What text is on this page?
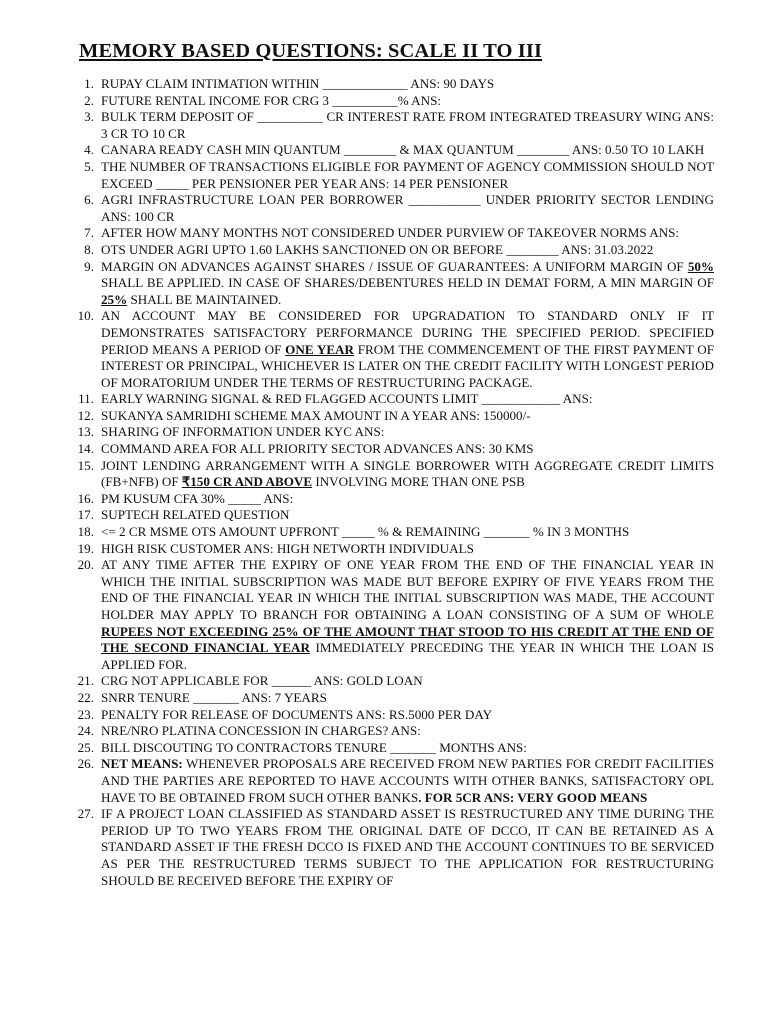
MEMORY BASED QUESTIONS: SCALE II TO III
1. RUPAY CLAIM INTIMATION WITHIN _____________ ANS: 90 DAYS
2. FUTURE RENTAL INCOME FOR CRG 3 __________% ANS:
3. BULK TERM DEPOSIT OF __________ CR INTEREST RATE FROM INTEGRATED TREASURY WING ANS: 3 CR TO 10 CR
4. CANARA READY CASH MIN QUANTUM ________ & MAX QUANTUM ________ ANS: 0.50 TO 10 LAKH
5. THE NUMBER OF TRANSACTIONS ELIGIBLE FOR PAYMENT OF AGENCY COMMISSION SHOULD NOT EXCEED _____ PER PENSIONER PER YEAR ANS: 14 PER PENSIONER
6. AGRI INFRASTRUCTURE LOAN PER BORROWER ___________ UNDER PRIORITY SECTOR LENDING ANS: 100 CR
7. AFTER HOW MANY MONTHS NOT CONSIDERED UNDER PURVIEW OF TAKEOVER NORMS ANS:
8. OTS UNDER AGRI UPTO 1.60 LAKHS SANCTIONED ON OR BEFORE ________ ANS: 31.03.2022
9. MARGIN ON ADVANCES AGAINST SHARES / ISSUE OF GUARANTEES: A UNIFORM MARGIN OF 50% SHALL BE APPLIED. IN CASE OF SHARES/DEBENTURES HELD IN DEMAT FORM, A MIN MARGIN OF 25% SHALL BE MAINTAINED.
10. AN ACCOUNT MAY BE CONSIDERED FOR UPGRADATION TO STANDARD ONLY IF IT DEMONSTRATES SATISFACTORY PERFORMANCE DURING THE SPECIFIED PERIOD. SPECIFIED PERIOD MEANS A PERIOD OF ONE YEAR FROM THE COMMENCEMENT OF THE FIRST PAYMENT OF INTEREST OR PRINCIPAL, WHICHEVER IS LATER ON THE CREDIT FACILITY WITH LONGEST PERIOD OF MORATORIUM UNDER THE TERMS OF RESTRUCTURING PACKAGE.
11. EARLY WARNING SIGNAL & RED FLAGGED ACCOUNTS LIMIT ____________ ANS:
12. SUKANYA SAMRIDHI SCHEME MAX AMOUNT IN A YEAR ANS: 150000/-
13. SHARING OF INFORMATION UNDER KYC ANS:
14. COMMAND AREA FOR ALL PRIORITY SECTOR ADVANCES ANS: 30 KMS
15. JOINT LENDING ARRANGEMENT WITH A SINGLE BORROWER WITH AGGREGATE CREDIT LIMITS (FB+NFB) OF ₹150 CR AND ABOVE INVOLVING MORE THAN ONE PSB
16. PM KUSUM CFA 30% _____ ANS:
17. SUPTECH RELATED QUESTION
18. <= 2 CR MSME OTS AMOUNT UPFRONT _____ % & REMAINING _______ % IN 3 MONTHS
19. HIGH RISK CUSTOMER ANS: HIGH NETWORTH INDIVIDUALS
20. AT ANY TIME AFTER THE EXPIRY OF ONE YEAR FROM THE END OF THE FINANCIAL YEAR IN WHICH THE INITIAL SUBSCRIPTION WAS MADE BUT BEFORE EXPIRY OF FIVE YEARS FROM THE END OF THE FINANCIAL YEAR IN WHICH THE INITIAL SUBSCRIPTION WAS MADE, THE ACCOUNT HOLDER MAY APPLY TO BRANCH FOR OBTAINING A LOAN CONSISTING OF A SUM OF WHOLE RUPEES NOT EXCEEDING 25% OF THE AMOUNT THAT STOOD TO HIS CREDIT AT THE END OF THE SECOND FINANCIAL YEAR IMMEDIATELY PRECEDING THE YEAR IN WHICH THE LOAN IS APPLIED FOR.
21. CRG NOT APPLICABLE FOR ______ ANS: GOLD LOAN
22. SNRR TENURE _______ ANS: 7 YEARS
23. PENALTY FOR RELEASE OF DOCUMENTS ANS: RS.5000 PER DAY
24. NRE/NRO PLATINA CONCESSION IN CHARGES? ANS:
25. BILL DISCOUTING TO CONTRACTORS TENURE _______ MONTHS ANS:
26. NET MEANS: WHENEVER PROPOSALS ARE RECEIVED FROM NEW PARTIES FOR CREDIT FACILITIES AND THE PARTIES ARE REPORTED TO HAVE ACCOUNTS WITH OTHER BANKS, SATISFACTORY OPL HAVE TO BE OBTAINED FROM SUCH OTHER BANKS. FOR 5CR ANS: VERY GOOD MEANS
27. IF A PROJECT LOAN CLASSIFIED AS STANDARD ASSET IS RESTRUCTURED ANY TIME DURING THE PERIOD UP TO TWO YEARS FROM THE ORIGINAL DATE OF DCCO, IT CAN BE RETAINED AS A STANDARD ASSET IF THE FRESH DCCO IS FIXED AND THE ACCOUNT CONTINUES TO BE SERVICED AS PER THE RESTRUCTURED TERMS SUBJECT TO THE APPLICATION FOR RESTRUCTURING SHOULD BE RECEIVED BEFORE THE EXPIRY OF
